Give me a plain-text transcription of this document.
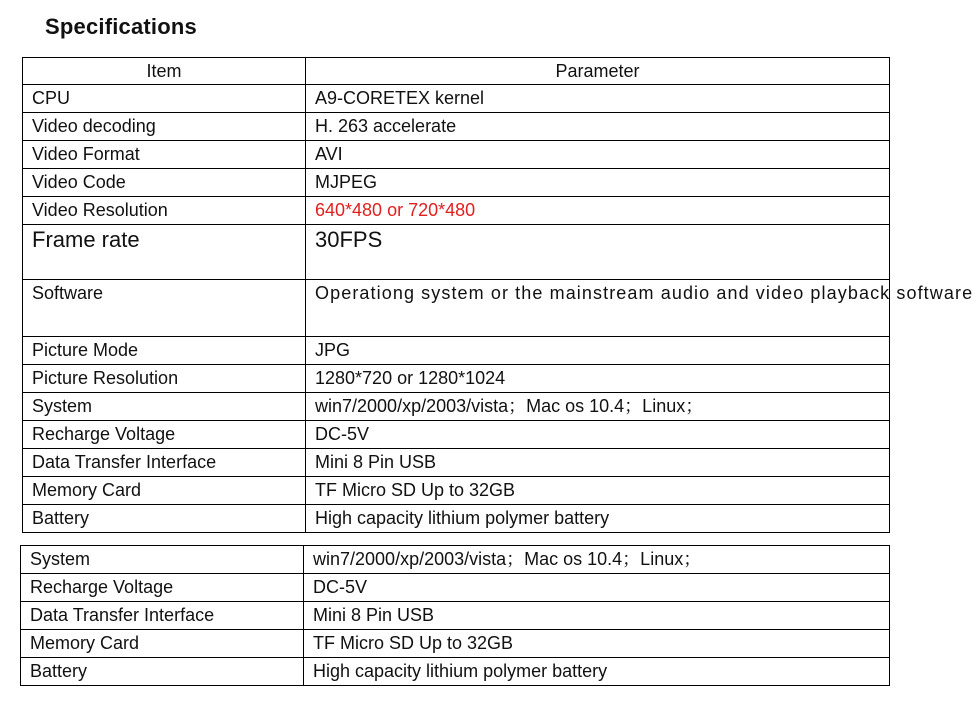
Specifications
Item	Parameter
CPU	A9-CORETEX kernel
Video decoding	H. 263 accelerate
Video Format	AVI
Video Code	MJPEG
Video Resolution	640*480 or 720*480
Frame rate	30FPS
Software	Operationg system or the mainstream audio and video playback software
Picture Mode	JPG
Picture Resolution	1280*720 or 1280*1024
System	win7/2000/xp/2003/vista；Mac os 10.4；Linux；
Recharge Voltage	DC-5V
Data Transfer Interface	Mini 8 Pin USB
Memory Card	TF Micro SD Up to 32GB
Battery	High capacity lithium polymer battery
System	win7/2000/xp/2003/vista；Mac os 10.4；Linux；
Recharge Voltage	DC-5V
Data Transfer Interface	Mini 8 Pin USB
Memory Card	TF Micro SD Up to 32GB
Battery	High capacity lithium polymer battery
